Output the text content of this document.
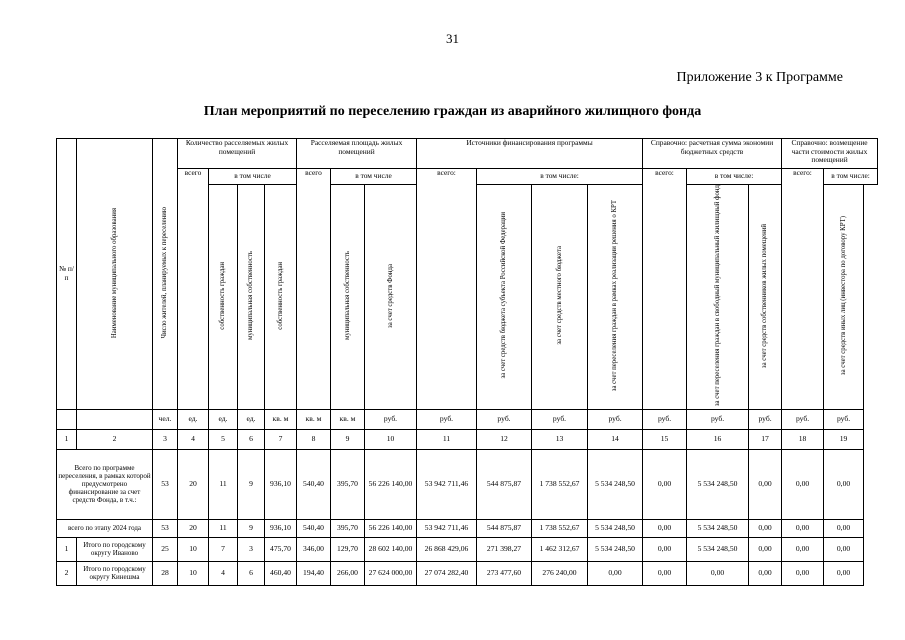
31
Приложение 3 к Программе
План мероприятий по переселению граждан из аварийного жилищного фонда
№ п/п	Наименование муниципального образования	Число жителей, планируемых к переселению	Количество расселяемых жилых помещений				Расселяемая площадь жилых помещений			Источники финансирования программы				Справочно: расчетная сумма экономии бюджетных средств			Справочно: возмещение части стоимости жилых помещений	
			всего	в том числе			всего	в том числе		всего:	в том числе:			всего:	в том числе:		всего:	в том числе:
				собственность граждан	муниципальная собственность	собственность граждан		муниципальная собственность	за счет средств Фонда		за счет средств бюджета субъекта Российской Федерации	за счет средств местного бюджета	за счет переселения граждан в рамках реализации решения о КРТ		за счет переселения граждан в свободный муниципальный жилищный фонд	за счет средств собственников жилых помещений		за счет средств иных лиц (инвестора по договору КРТ)
		чел.	ед.	ед.	ед.	кв. м	кв. м	кв. м	руб.	руб.	руб.	руб.	руб.	руб.	руб.	руб.	руб.	руб.
1	2	3	4	5	6	7	8	9	10	11	12	13	14	15	16	17	18	19
Всего по программе переселения, в рамках которой предусмотрено финансирование за счет средств Фонда, в т.ч.:		53	20	11	9	936,10	540,40	395,70	56 226 140,00	53 942 711,46	544 875,87	1 738 552,67	5 534 248,50	0,00	5 534 248,50	0,00	0,00	0,00
всего по этапу 2024 года		53	20	11	9	936,10	540,40	395,70	56 226 140,00	53 942 711,46	544 875,87	1 738 552,67	5 534 248,50	0,00	5 534 248,50	0,00	0,00	0,00
1	Итого по городскому округу Иваново	25	10	7	3	475,70	346,00	129,70	28 602 140,00	26 868 429,06	271 398,27	1 462 312,67	5 534 248,50	0,00	5 534 248,50	0,00	0,00	0,00
2	Итого по городскому округу Кинешма	28	10	4	6	460,40	194,40	266,00	27 624 000,00	27 074 282,40	273 477,60	276 240,00	0,00	0,00	0,00	0,00	0,00	0,00
